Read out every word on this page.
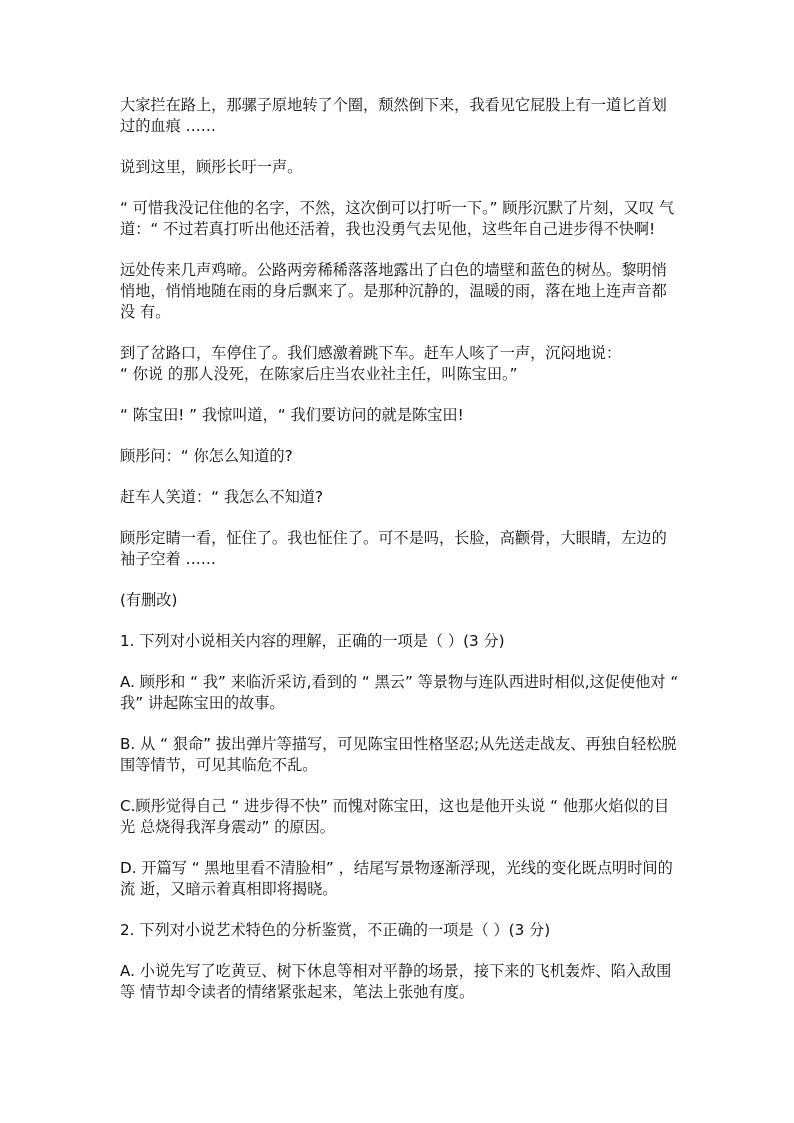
大家拦在路上，那骡子原地转了个圈，颓然倒下来，我看见它屁股上有一道匕首划 过的血痕 ……

说到这里，顾彤长吁一声。

“ 可惜我没记住他的名字，不然，这次倒可以打听一下。” 顾彤沉默了片刻，又叹 气道：“ 不过若真打听出他还活着，我也没勇气去见他，这些年自己进步得不快啊!

远处传来几声鸡啼。公路两旁稀稀落落地露出了白色的墙壁和蓝色的树丛。黎明悄 悄地，悄悄地随在雨的身后飘来了。是那种沉静的，温暖的雨，落在地上连声音都没 有。

到了岔路口，车停住了。我们感激着跳下车。赶车人咳了一声，沉闷地说：
“ 你说 的那人没死，在陈家后庄当农业社主任，叫陈宝田。”

“ 陈宝田! ” 我惊叫道，“ 我们要访问的就是陈宝田!

顾彤问：“ 你怎么知道的?

赶车人笑道：“ 我怎么不知道?

顾彤定睛一看，怔住了。我也怔住了。可不是吗，长脸，高颧骨，大眼睛，左边的 袖子空着 ……

(有删改)

1. 下列对小说相关内容的理解，正确的一项是（ ）(3 分)

A. 顾彤和 “ 我” 来临沂采访,看到的 “ 黑云” 等景物与连队西进时相似,这促使他对 “ 我” 讲起陈宝田的故事。

B. 从 “ 狠命” 拔出弹片等描写，可见陈宝田性格坚忍;从先送走战友、再独自轻松脱 围等情节，可见其临危不乱。

C.顾彤觉得自己 “ 进步得不快” 而愧对陈宝田，这也是他开头说 “ 他那火焰似的目光 总烧得我浑身震动” 的原因。

D. 开篇写 “ 黑地里看不清脸相” ，结尾写景物逐渐浮现，光线的变化既点明时间的流 逝，又暗示着真相即将揭晓。

2. 下列对小说艺术特色的分析鉴赏，不正确的一项是（ ）(3 分)

A. 小说先写了吃黄豆、树下休息等相对平静的场景，接下来的飞机轰炸、陷入敌围等 情节却令读者的情绪紧张起来，笔法上张弛有度。
